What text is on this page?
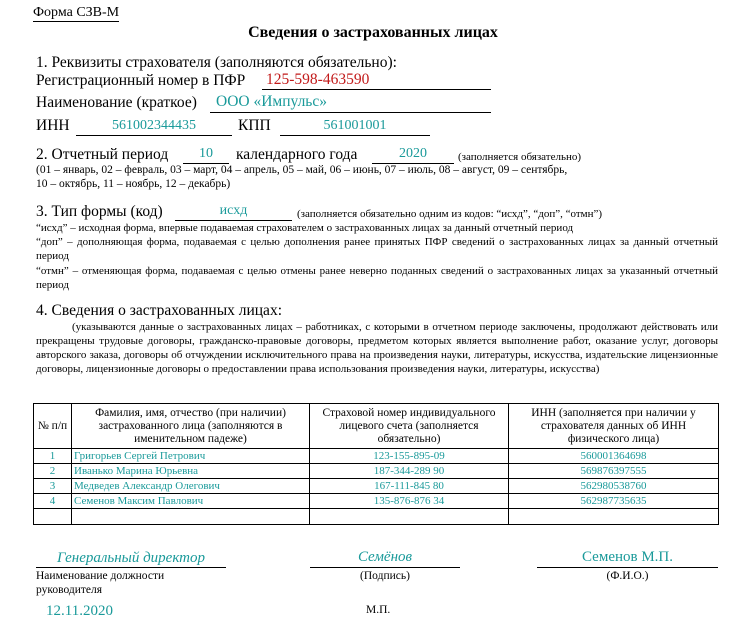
Форма СЗВ-М
Сведения о застрахованных лицах
1. Реквизиты страхователя (заполняются обязательно):
Регистрационный номер в ПФР 125-598-463590
Наименование (краткое) ООО «Импульс»
ИНН	561002344435	КПП	561001001
2. Отчетный период	10	календарного года	2020	(заполняется обязательно)
(01 – январь, 02 – февраль, 03 – март, 04 – апрель, 05 – май, 06 – июнь, 07 – июль, 08 – август, 09 – сентябрь,
10 – октябрь, 11 – ноябрь, 12 – декабрь)
3. Тип формы (код)	исхд	(заполняется обязательно одним из кодов: “исхд”, “доп”, “отмн”)
“исхд” – исходная форма, впервые подаваемая страхователем о застрахованных лицах за данный отчетный период
“доп” – дополняющая форма, подаваемая с целью дополнения ранее принятых ПФР сведений о застрахованных лицах за данный отчетный период
“отмн” – отменяющая форма, подаваемая с целью отмены ранее неверно поданных сведений о застрахованных лицах за указанный отчетный период
4. Сведения о застрахованных лицах:
(указываются данные о застрахованных лицах – работниках, с которыми в отчетном периоде заключены, продолжают действовать или прекращены трудовые договоры, гражданско-правовые договоры, предметом которых является выполнение работ, оказание услуг, договоры авторского заказа, договоры об отчуждении исключительного права на произведения науки, литературы, искусства, издательские лицензионные договоры, лицензионные договоры о предоставлении права использования произведения науки, литературы, искусства)
№ п/п	Фамилия, имя, отчество (при наличии) застрахованного лица (заполняются в именительном падеже)	Страховой номер индивидуального лицевого счета (заполняется обязательно)	ИНН (заполняется при наличии у страхователя данных об ИНН физического лица)
1	Григорьев Сергей Петрович	123-155-895-09	560001364698
2	Иванько Марина Юрьевна	187-344-289 90	569876397555
3	Медведев Александр Олегович	167-111-845 80	562980538760
4	Семенов Максим Павлович	135-876-876 34	562987735635

Генеральный директор
Наименование должности
руководителя
Семёнов
(Подпись)
Семенов М.П.
(Ф.И.О.)
12.11.2020	М.П.
